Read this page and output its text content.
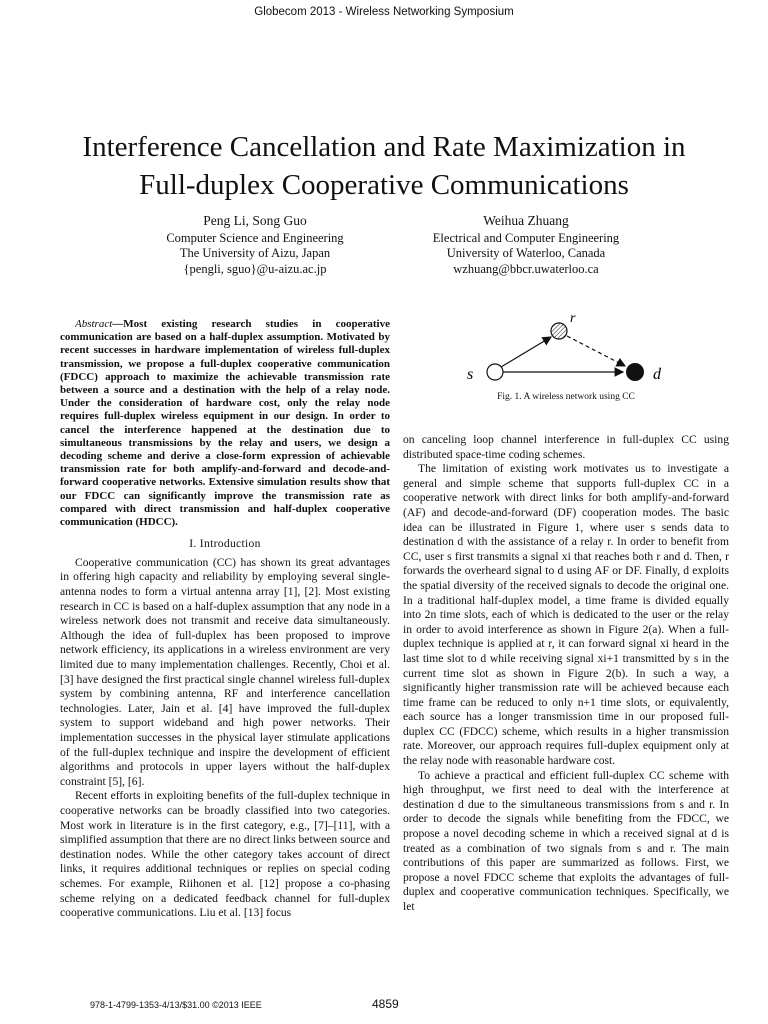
Globecom 2013 - Wireless Networking Symposium
Interference Cancellation and Rate Maximization in
Full-duplex Cooperative Communications
Peng Li, Song Guo
Computer Science and Engineering
The University of Aizu, Japan
{pengli, sguo}@u-aizu.ac.jp
Weihua Zhuang
Electrical and Computer Engineering
University of Waterloo, Canada
wzhuang@bbcr.uwaterloo.ca

Abstract—Most existing research studies in cooperative communication are based on a half-duplex assumption. Motivated by recent successes in hardware implementation of wireless full-duplex transmission, we propose a full-duplex cooperative communication (FDCC) approach to maximize the achievable transmission rate between a source and a destination with the help of a relay node. Under the consideration of hardware cost, only the relay node requires full-duplex wireless equipment in our design. In order to cancel the interference happened at the destination due to simultaneous transmissions by the relay and users, we design a decoding scheme and derive a close-form expression of achievable transmission rate for both amplify-and-forward and decode-and-forward cooperative networks. Extensive simulation results show that our FDCC can significantly improve the transmission rate as compared with direct transmission and half-duplex cooperative communication (HDCC).

I. Introduction

Cooperative communication (CC) has shown its great advantages in offering high capacity and reliability by employing several single-antenna nodes to form a virtual antenna array [1], [2]. Most existing research in CC is based on a half-duplex assumption that any node in a wireless network does not transmit and receive data simultaneously. Although the idea of full-duplex has been proposed to improve network efficiency, its applications in a wireless environment are very limited due to many implementation challenges. Recently, Choi et al. [3] have designed the first practical single channel wireless full-duplex system by combining antenna, RF and interference cancellation technologies. Later, Jain et al. [4] have improved the full-duplex system to support wideband and high power networks. Their implementation successes in the physical layer stimulate applications of the full-duplex technique and inspire the development of efficient algorithms and protocols in upper layers without the half-duplex constraint [5], [6].

Recent efforts in exploiting benefits of the full-duplex technique in cooperative networks can be broadly classified into two categories. Most work in literature is in the first category, e.g., [7]–[11], with a simplified assumption that there are no direct links between source and destination nodes. While the other category takes account of direct links, it requires additional techniques or replies on special coding schemes. For example, Riihonen et al. [12] propose a co-phasing scheme relying on a dedicated feedback channel for full-duplex cooperative communications. Liu et al. [13] focus

s
r
d
Fig. 1. A wireless network using CC

on canceling loop channel interference in full-duplex CC using distributed space-time coding schemes.

The limitation of existing work motivates us to investigate a general and simple scheme that supports full-duplex CC in a cooperative network with direct links for both amplify-and-forward (AF) and decode-and-forward (DF) cooperation modes. The basic idea can be illustrated in Figure 1, where user s sends data to destination d with the assistance of a relay r. In order to benefit from CC, user s first transmits a signal xi that reaches both r and d. Then, r forwards the overheard signal to d using AF or DF. Finally, d exploits the spatial diversity of the received signals to decode the original one. In a traditional half-duplex model, a time frame is divided equally into 2n time slots, each of which is dedicated to the user or the relay in order to avoid interference as shown in Figure 2(a). When a full-duplex technique is applied at r, it can forward signal xi heard in the last time slot to d while receiving signal xi+1 transmitted by s in the current time slot as shown in Figure 2(b). In such a way, a significantly higher transmission rate will be achieved because each time frame can be reduced to only n+1 time slots, or equivalently, each source has a longer transmission time in our proposed full-duplex CC (FDCC) scheme, which results in a higher transmission rate. Moreover, our approach requires full-duplex equipment only at the relay node with reasonable hardware cost.

To achieve a practical and efficient full-duplex CC scheme with high throughput, we first need to deal with the interference at destination d due to the simultaneous transmissions from s and r. In order to decode the signals while benefiting from the FDCC, we propose a novel decoding scheme in which a received signal at d is treated as a combination of two signals from s and r. The main contributions of this paper are summarized as follows. First, we propose a novel FDCC scheme that exploits the advantages of full-duplex and cooperative communication techniques. Specifically, we let

978-1-4799-1353-4/13/$31.00 ©2013 IEEE	4859
